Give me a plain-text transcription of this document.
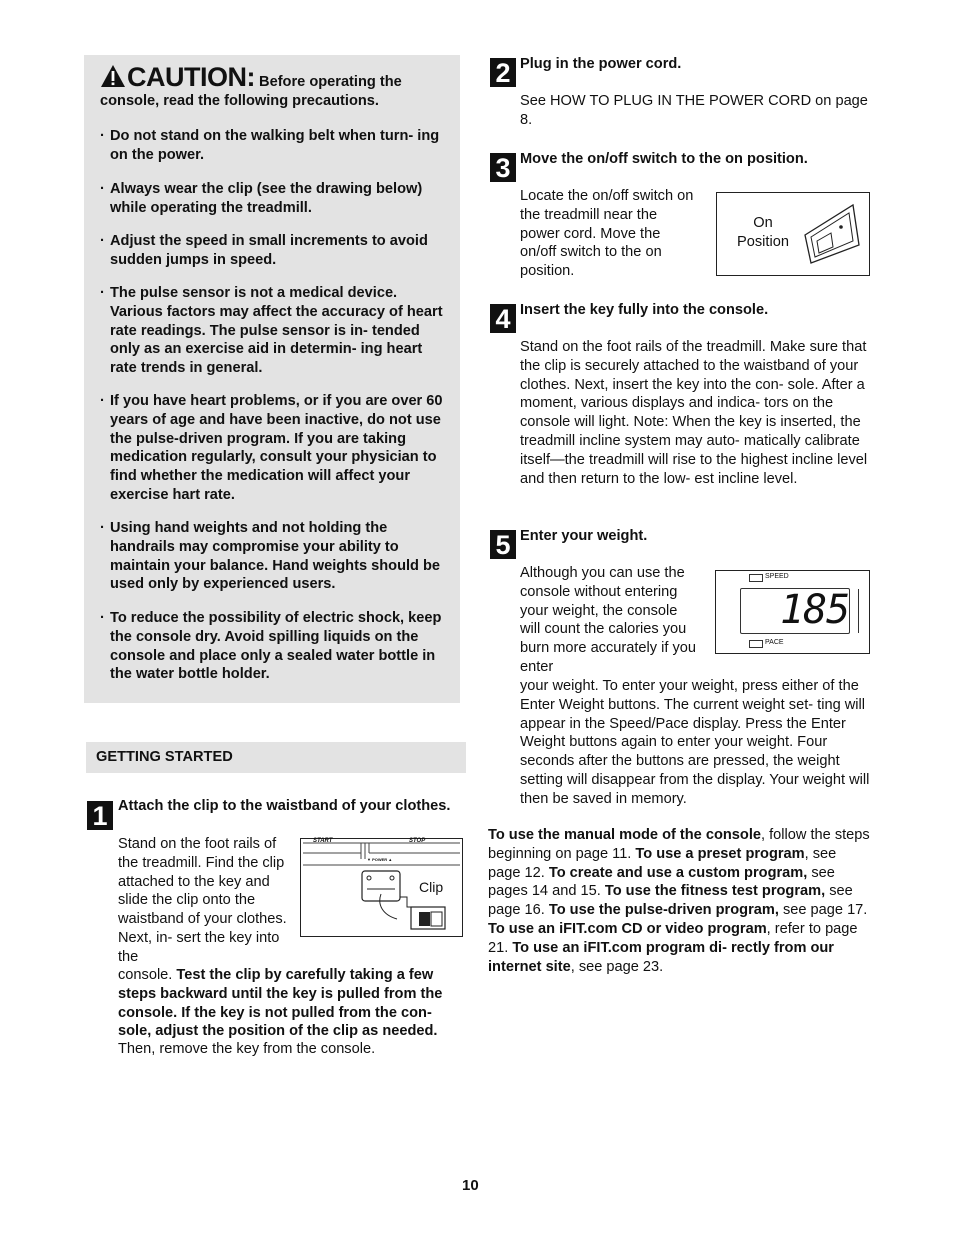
CAUTION: Before operating the console, read the following precautions.
· Do not stand on the walking belt when turn- ing on the power.
· Always wear the clip (see the drawing below) while operating the treadmill.
· Adjust the speed in small increments to avoid sudden jumps in speed.
· The pulse sensor is not a medical device. Various factors may affect the accuracy of heart rate readings. The pulse sensor is in- tended only as an exercise aid in determin- ing heart rate trends in general.
· If you have heart problems, or if you are over 60 years of age and have been inactive, do not use the pulse-driven program. If you are taking medication regularly, consult your physician to find whether the medication will affect your exercise hart rate.
· Using hand weights and not holding the handrails may compromise your ability to maintain your balance. Hand weights should be used only by experienced users.
· To reduce the possibility of electric shock, keep the console dry. Avoid spilling liquids on the console and place only a sealed water bottle in the water bottle holder.
GETTING STARTED
1 Attach the clip to the waistband of your clothes.
Stand on the foot rails of the treadmill. Find the clip attached to the key and slide the clip onto the waistband of your clothes. Next, in- sert the key into the
console. Test the clip by carefully taking a few steps backward until the key is pulled from the console. If the key is not pulled from the con- sole, adjust the position of the clip as needed.
Then, remove the key from the console.
START	STOP
▼ POWER ▲
Clip
2 Plug in the power cord.
See HOW TO PLUG IN THE POWER CORD on page 8.
3 Move the on/off switch to the on position.
Locate the on/off switch on the treadmill near the power cord. Move the on/off switch to the on position.
On Position
4 Insert the key fully into the console.
Stand on the foot rails of the treadmill. Make sure that the clip is securely attached to the waistband of your clothes. Next, insert the key into the con- sole. After a moment, various displays and indica- tors on the console will light. Note: When the key is inserted, the treadmill incline system may auto- matically calibrate itself—the treadmill will rise to the highest incline level and then return to the low- est incline level.
5 Enter your weight.
Although you can use the console without entering your weight, the console will count the calories you burn more accurately if you enter
your weight. To enter your weight, press either of the Enter Weight buttons. The current weight set- ting will appear in the Speed/Pace display. Press the Enter Weight buttons again to enter your weight. Four seconds after the buttons are pressed, the weight setting will disappear from the display. Your weight will then be saved in memory.
SPEED
185
PACE
To use the manual mode of the console, follow the steps beginning on page 11. To use a preset program, see page 12. To create and use a custom program, see pages 14 and 15. To use the fitness test program, see page 16. To use the pulse-driven program, see page 17. To use an iFIT.com CD or video program, refer to page 21. To use an iFIT.com program di- rectly from our internet site, see page 23.
10
